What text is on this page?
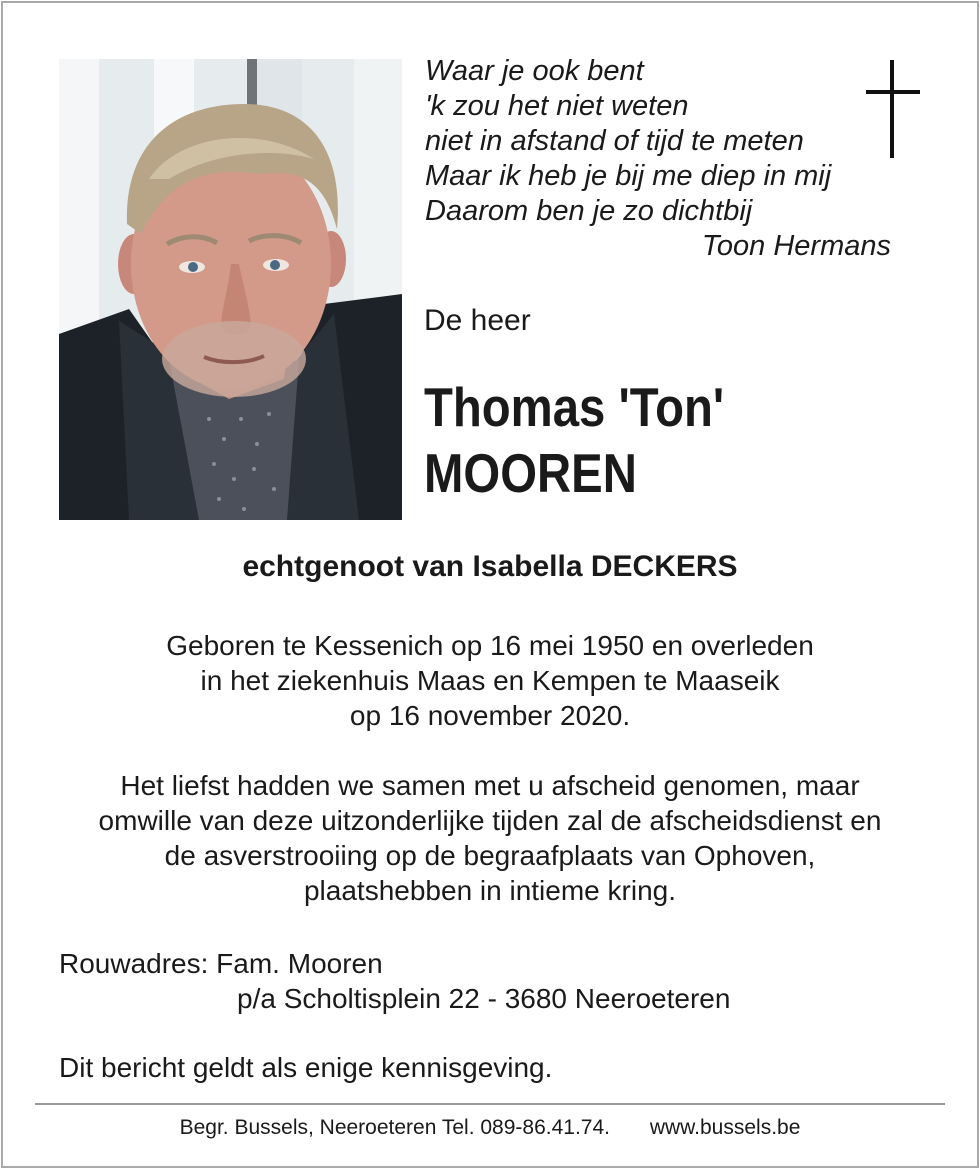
Waar je ook bent
'k zou het niet weten
niet in afstand of tijd te meten
Maar ik heb je bij me diep in mij
Daarom ben je zo dichtbij
Toon Hermans
De heer
Thomas 'Ton'
MOOREN
echtgenoot van Isabella DECKERS
Geboren te Kessenich op 16 mei 1950 en overleden
in het ziekenhuis Maas en Kempen te Maaseik
op 16 november 2020.
Het liefst hadden we samen met u afscheid genomen, maar
omwille van deze uitzonderlijke tijden zal de afscheidsdienst en
de asverstrooiing op de begraafplaats van Ophoven,
plaatshebben in intieme kring.
Rouwadres: Fam. Mooren
p/a Scholtisplein 22 - 3680 Neeroeteren
Dit bericht geldt als enige kennisgeving.
Begr. Bussels, Neeroeteren Tel. 089-86.41.74. www.bussels.be
